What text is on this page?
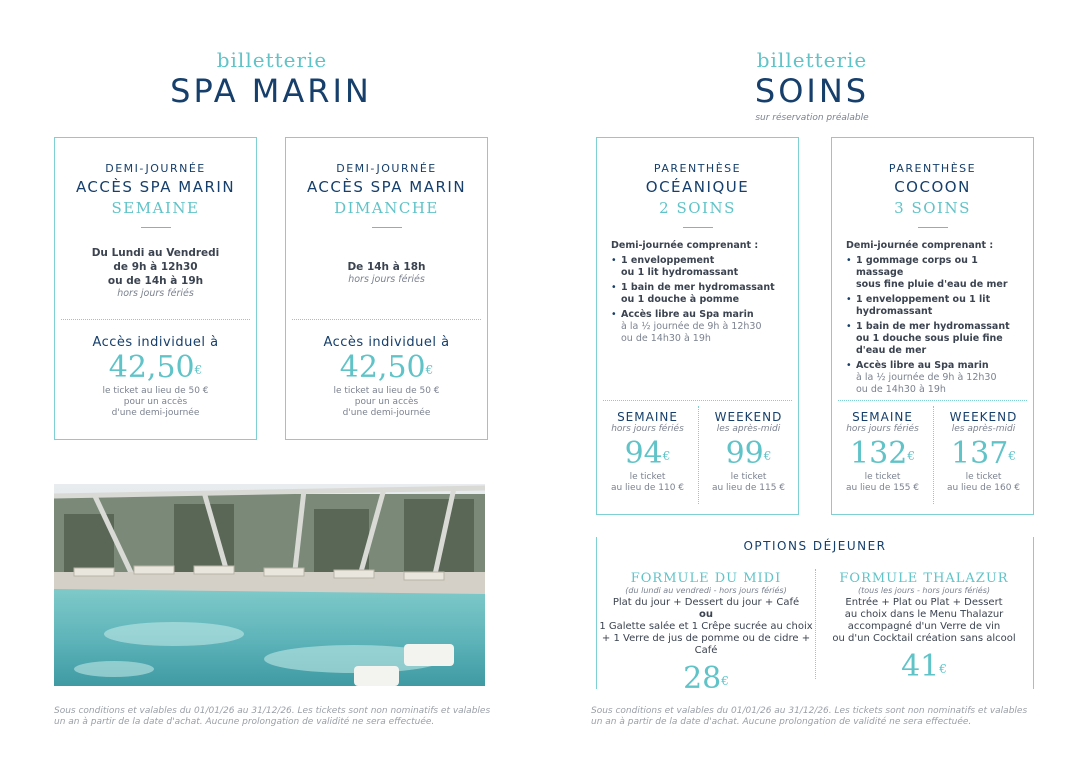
billetterie
SPA MARIN
DEMI-JOURNÉE
ACCÈS SPA MARIN
SEMAINE
Du Lundi au Vendredi
de 9h à 12h30
ou de 14h à 19h
hors jours fériés
Accès individuel à
42,50€
le ticket au lieu de 50 €
pour un accès
d'une demi-journée
DEMI-JOURNÉE
ACCÈS SPA MARIN
DIMANCHE
De 14h à 18h
hors jours fériés
Accès individuel à
42,50€
le ticket au lieu de 50 €
pour un accès
d'une demi-journée
Sous conditions et valables du 01/01/26 au 31/12/26. Les tickets sont non nominatifs et valables
un an à partir de la date d'achat. Aucune prolongation de validité ne sera effectuée.
billetterie
SOINS
sur réservation préalable
PARENTHÈSE
OCÉANIQUE
2 SOINS
Demi-journée comprenant :
• 1 enveloppement
ou 1 lit hydromassant
• 1 bain de mer hydromassant
ou 1 douche à pomme
• Accès libre au Spa marin
à la ½ journée de 9h à 12h30
ou de 14h30 à 19h
SEMAINE
hors jours fériés
94€
le ticket
au lieu de 110 €
WEEKEND
les après-midi
99€
le ticket
au lieu de 115 €
PARENTHÈSE
COCOON
3 SOINS
Demi-journée comprenant :
• 1 gommage corps ou 1 massage
sous fine pluie d'eau de mer
• 1 enveloppement ou 1 lit
hydromassant
• 1 bain de mer hydromassant
ou 1 douche sous pluie fine
d'eau de mer
• Accès libre au Spa marin
à la ½ journée de 9h à 12h30
ou de 14h30 à 19h
SEMAINE
hors jours fériés
132€
le ticket
au lieu de 155 €
WEEKEND
les après-midi
137€
le ticket
au lieu de 160 €
OPTIONS DÉJEUNER
FORMULE DU MIDI
(du lundi au vendredi - hors jours fériés)
Plat du jour + Dessert du jour + Café
ou
1 Galette salée et 1 Crêpe sucrée au choix
+ 1 Verre de jus de pomme ou de cidre + Café
28€
FORMULE THALAZUR
(tous les jours - hors jours fériés)
Entrée + Plat ou Plat + Dessert
au choix dans le Menu Thalazur
accompagné d'un Verre de vin
ou d'un Cocktail création sans alcool
41€
Sous conditions et valables du 01/01/26 au 31/12/26. Les tickets sont non nominatifs et valables
un an à partir de la date d'achat. Aucune prolongation de validité ne sera effectuée.
